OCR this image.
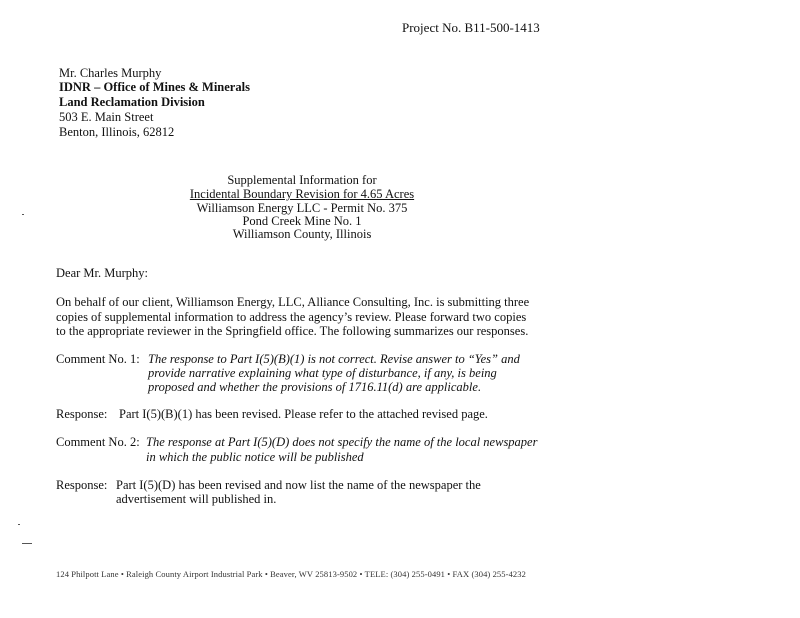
Project No. B11-500-1413
Mr. Charles Murphy
IDNR – Office of Mines & Minerals
Land Reclamation Division
503 E. Main Street
Benton, Illinois, 62812
Supplemental Information for
Incidental Boundary Revision for 4.65 Acres
Williamson Energy LLC - Permit No. 375
Pond Creek Mine No. 1
Williamson County, Illinois
Dear Mr. Murphy:
On behalf of our client, Williamson Energy, LLC, Alliance Consulting, Inc. is submitting three
copies of supplemental information to address the agency’s review. Please forward two copies
to the appropriate reviewer in the Springfield office. The following summarizes our responses.
Comment No. 1: The response to Part I(5)(B)(1) is not correct. Revise answer to “Yes” and
provide narrative explaining what type of disturbance, if any, is being
proposed and whether the provisions of 1716.11(d) are applicable.
Response: Part I(5)(B)(1) has been revised. Please refer to the attached revised page.
Comment No. 2: The response at Part I(5)(D) does not specify the name of the local newspaper
in which the public notice will be published
Response: Part I(5)(D) has been revised and now list the name of the newspaper the
advertisement will published in.
124 Philpott Lane • Raleigh County Airport Industrial Park • Beaver, WV 25813-9502 • TELE: (304) 255-0491 • FAX (304) 255-4232
